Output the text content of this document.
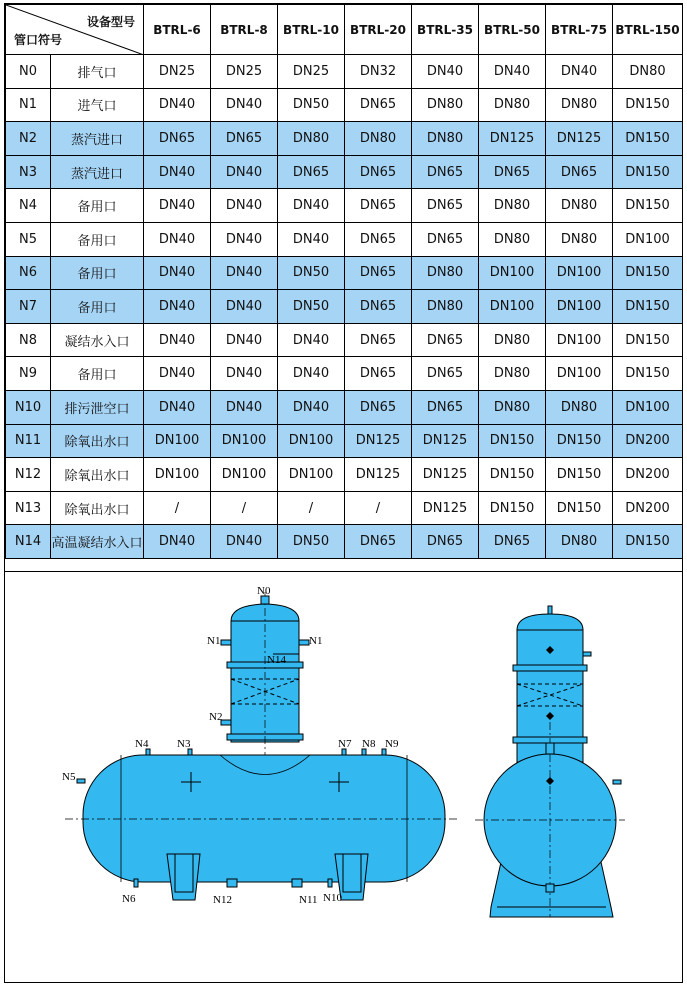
设备型号
管口符号		BTRL-6	BTRL-8	BTRL-10	BTRL-20	BTRL-35	BTRL-50	BTRL-75	BTRL-150
N0	排气口	DN25	DN25	DN25	DN32	DN40	DN40	DN40	DN80
N1	进气口	DN40	DN40	DN50	DN65	DN80	DN80	DN80	DN150
N2	蒸汽进口	DN65	DN65	DN80	DN80	DN80	DN125	DN125	DN150
N3	蒸汽进口	DN40	DN40	DN65	DN65	DN65	DN65	DN65	DN150
N4	备用口	DN40	DN40	DN40	DN65	DN65	DN80	DN80	DN150
N5	备用口	DN40	DN40	DN40	DN65	DN65	DN80	DN80	DN100
N6	备用口	DN40	DN40	DN50	DN65	DN80	DN100	DN100	DN150
N7	备用口	DN40	DN40	DN50	DN65	DN80	DN100	DN100	DN150
N8	凝结水入口	DN40	DN40	DN40	DN65	DN65	DN80	DN100	DN150
N9	备用口	DN40	DN40	DN40	DN65	DN65	DN80	DN100	DN150
N10	排污泄空口	DN40	DN40	DN40	DN65	DN65	DN80	DN80	DN100
N11	除氧出水口	DN100	DN100	DN100	DN125	DN125	DN150	DN150	DN200
N12	除氧出水口	DN100	DN100	DN100	DN125	DN125	DN150	DN150	DN200
N13	除氧出水口	/	/	/	/	DN125	DN150	DN150	DN200
N14	高温凝结水入口	DN40	DN40	DN50	DN65	DN65	DN65	DN80	DN150
N0
N1	N1
N14
N2
N4	N3	N7 N8 N9
N5
N6	N12	N11 N10
